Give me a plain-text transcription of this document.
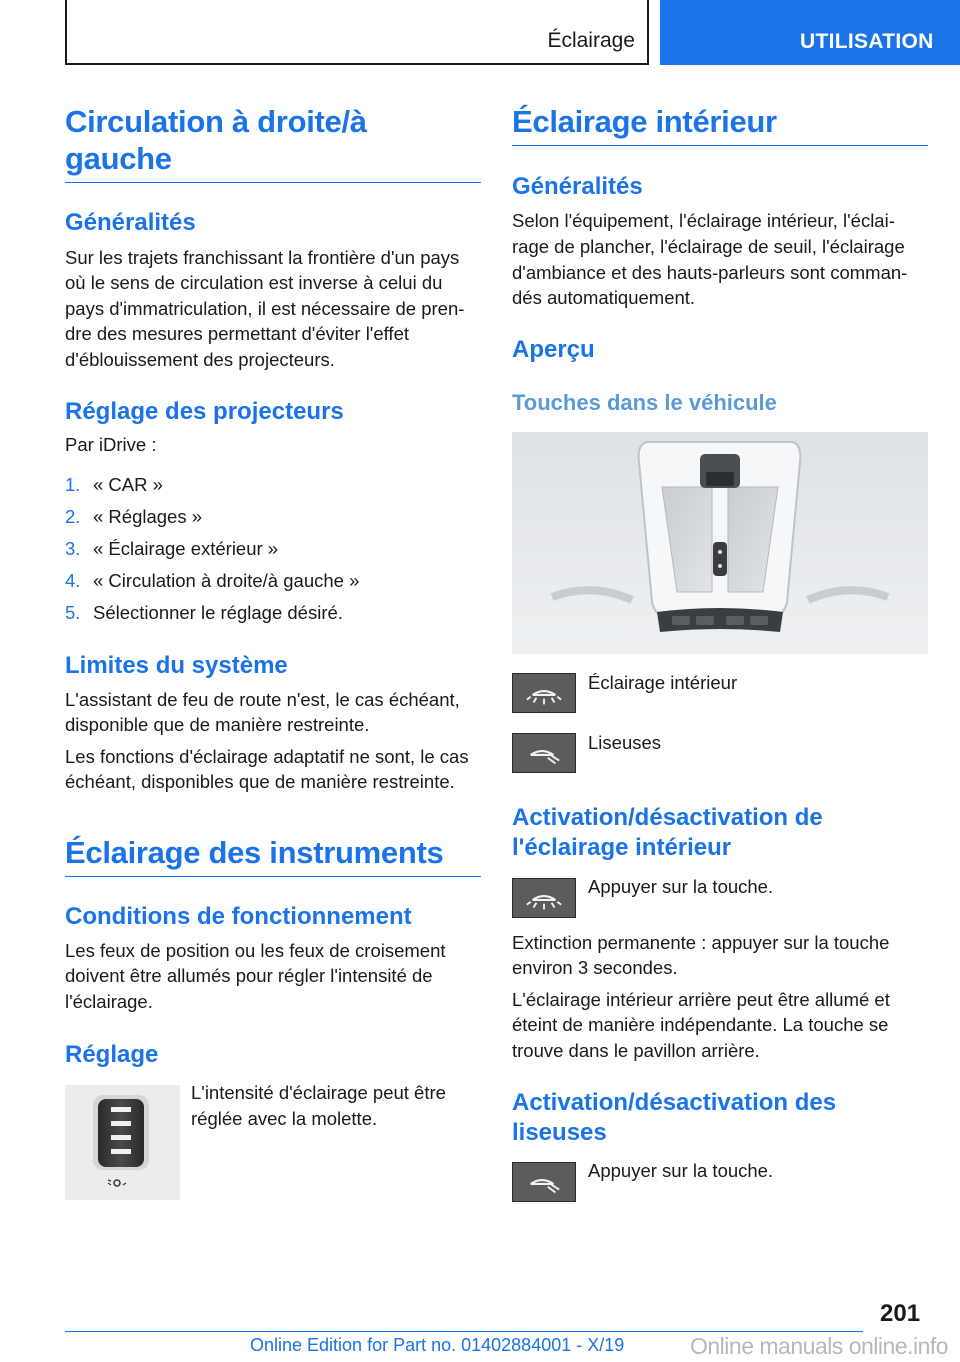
Éclairage	UTILISATION
Circulation à droite/à
gauche
Généralités
Sur les trajets franchissant la frontière d'un pays
où le sens de circulation est inverse à celui du
pays d'immatriculation, il est nécessaire de pren‐
dre des mesures permettant d'éviter l'effet
d'éblouissement des projecteurs.
Réglage des projecteurs
Par iDrive :
1. « CAR »
2. « Réglages »
3. « Éclairage extérieur »
4. « Circulation à droite/à gauche »
5. Sélectionner le réglage désiré.
Limites du système
L'assistant de feu de route n'est, le cas échéant,
disponible que de manière restreinte.
Les fonctions d'éclairage adaptatif ne sont, le cas
échéant, disponibles que de manière restreinte.
Éclairage des instruments
Conditions de fonctionnement
Les feux de position ou les feux de croisement
doivent être allumés pour régler l'intensité de
l'éclairage.
Réglage
L'intensité d'éclairage peut être
réglée avec la molette.
Éclairage intérieur
Généralités
Selon l'équipement, l'éclairage intérieur, l'éclai‐
rage de plancher, l'éclairage de seuil, l'éclairage
d'ambiance et des hauts-parleurs sont comman‐
dés automatiquement.
Aperçu
Touches dans le véhicule
Éclairage intérieur
Liseuses
Activation/désactivation de
l'éclairage intérieur
Appuyer sur la touche.
Extinction permanente : appuyer sur la touche
environ 3 secondes.
L'éclairage intérieur arrière peut être allumé et
éteint de manière indépendante. La touche se
trouve dans le pavillon arrière.
Activation/désactivation des
liseuses
Appuyer sur la touche.
201
Online Edition for Part no. 01402884001 - X/19	Online manuals online.info
